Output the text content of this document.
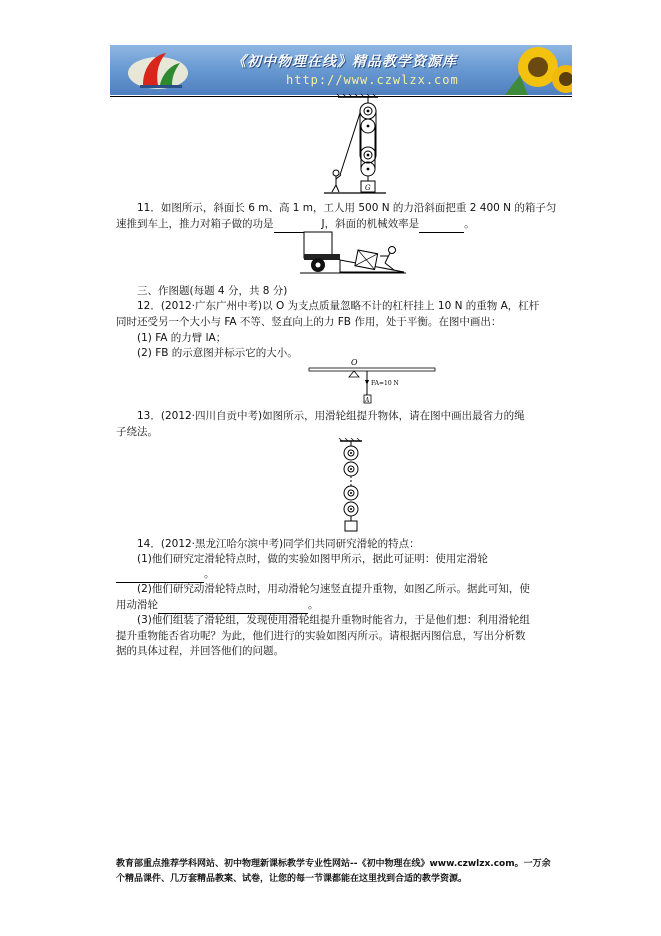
《初中物理在线》精品教学资源库
http://www.czwlzx.com
G
11．如图所示，斜面长 6 m、高 1 m，工人用 500 N 的力沿斜面把重 2 400 N 的箱子匀
速推到车上，推力对箱子做的功是	J，斜面的机械效率是	。
三、作图题(每题 4 分，共 8 分)
12．(2012·广东广州中考)以 O 为支点质量忽略不计的杠杆挂上 10 N 的重物 A，杠杆
同时还受另一个大小与 FA 不等、竖直向上的力 FB 作用，处于平衡。在图中画出：
(1) FA 的力臂 lA；
(2) FB 的示意图并标示它的大小。
O
FA=10 N
A
13．(2012·四川自贡中考)如图所示，用滑轮组提升物体，请在图中画出最省力的绳
子绕法。
14．(2012·黑龙江哈尔滨中考)同学们共同研究滑轮的特点：
(1)他们研究定滑轮特点时，做的实验如图甲所示，据此可证明：使用定滑轮
。
(2)他们研究动滑轮特点时，用动滑轮匀速竖直提升重物，如图乙所示。据此可知，使
用动滑轮	。
(3)他们组装了滑轮组，发现使用滑轮组提升重物时能省力，于是他们想：利用滑轮组
提升重物能否省功呢？为此，他们进行的实验如图丙所示。请根据丙图信息，写出分析数
据的具体过程，并回答他们的问题。
教育部重点推荐学科网站、初中物理新课标教学专业性网站--《初中物理在线》www.czwlzx.com。一万余
个精品课件、几万套精品教案、试卷，让您的每一节课都能在这里找到合适的教学资源。
